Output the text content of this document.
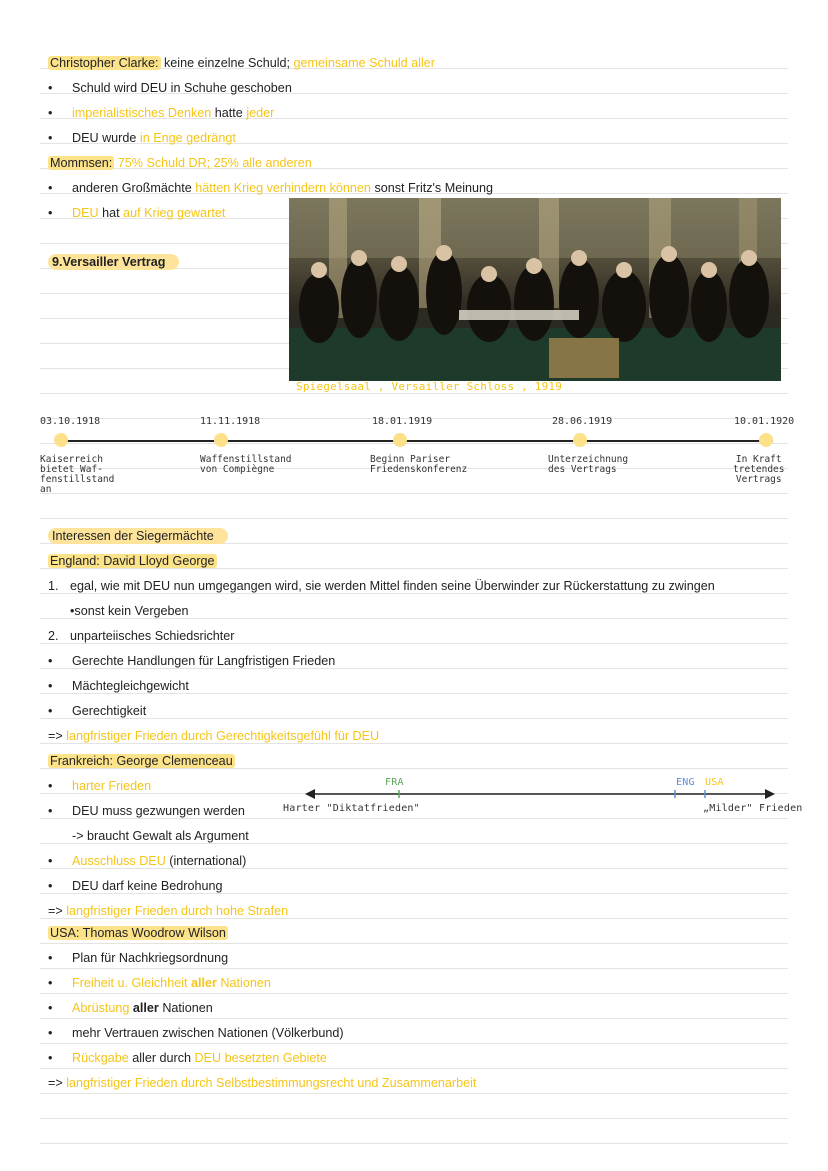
Christopher Clarke: keine einzelne Schuld; gemeinsame Schuld aller
• Schuld wird DEU in Schuhe geschoben
• imperialistisches Denken hatte jeder
• DEU wurde in Enge gedrängt
Mommsen: 75% Schuld DR; 25% alle anderen
• anderen Großmächte hätten Krieg verhindern können sonst Fritz's Meinung
• DEU hat auf Krieg gewartet
9.Versailler Vertrag
Spiegelsaal , Versailler Schloss , 1919
03.10.1918	11.11.1918	18.01.1919	28.06.1919	10.01.1920
Kaiserreich
bietet Waf-
fenstillstand
an
Waffenstillstand
von Compiègne
Beginn Pariser
Friedenskonferenz
Unterzeichnung
des Vertrags
In Kraft
tretendes
Vertrags
Interessen der Siegermächte
England: David Lloyd George
1. egal, wie mit DEU nun umgegangen wird, sie werden Mittel finden seine Überwinder zur Rückerstattung zu zwingen
•sonst kein Vergeben
2. unparteiisches Schiedsrichter
• Gerechte Handlungen für Langfristigen Frieden
• Mächtegleichgewicht
• Gerechtigkeit
=> langfristiger Frieden durch Gerechtigkeitsgefühl für DEU
Frankreich: George Clemenceau
• harter Frieden
• DEU muss gezwungen werden
-> braucht Gewalt als Argument
• Ausschluss DEU (international)
• DEU darf keine Bedrohung
=> langfristiger Frieden durch hohe Strafen
FRA	ENG USA
Harter "Diktatfrieden"	„Milder" Frieden
USA: Thomas Woodrow Wilson
• Plan für Nachkriegsordnung
• Freiheit u. Gleichheit aller Nationen
• Abrüstung aller Nationen
• mehr Vertrauen zwischen Nationen (Völkerbund)
• Rückgabe aller durch DEU besetzten Gebiete
=> langfristiger Frieden durch Selbstbestimmungsrecht und Zusammenarbeit
